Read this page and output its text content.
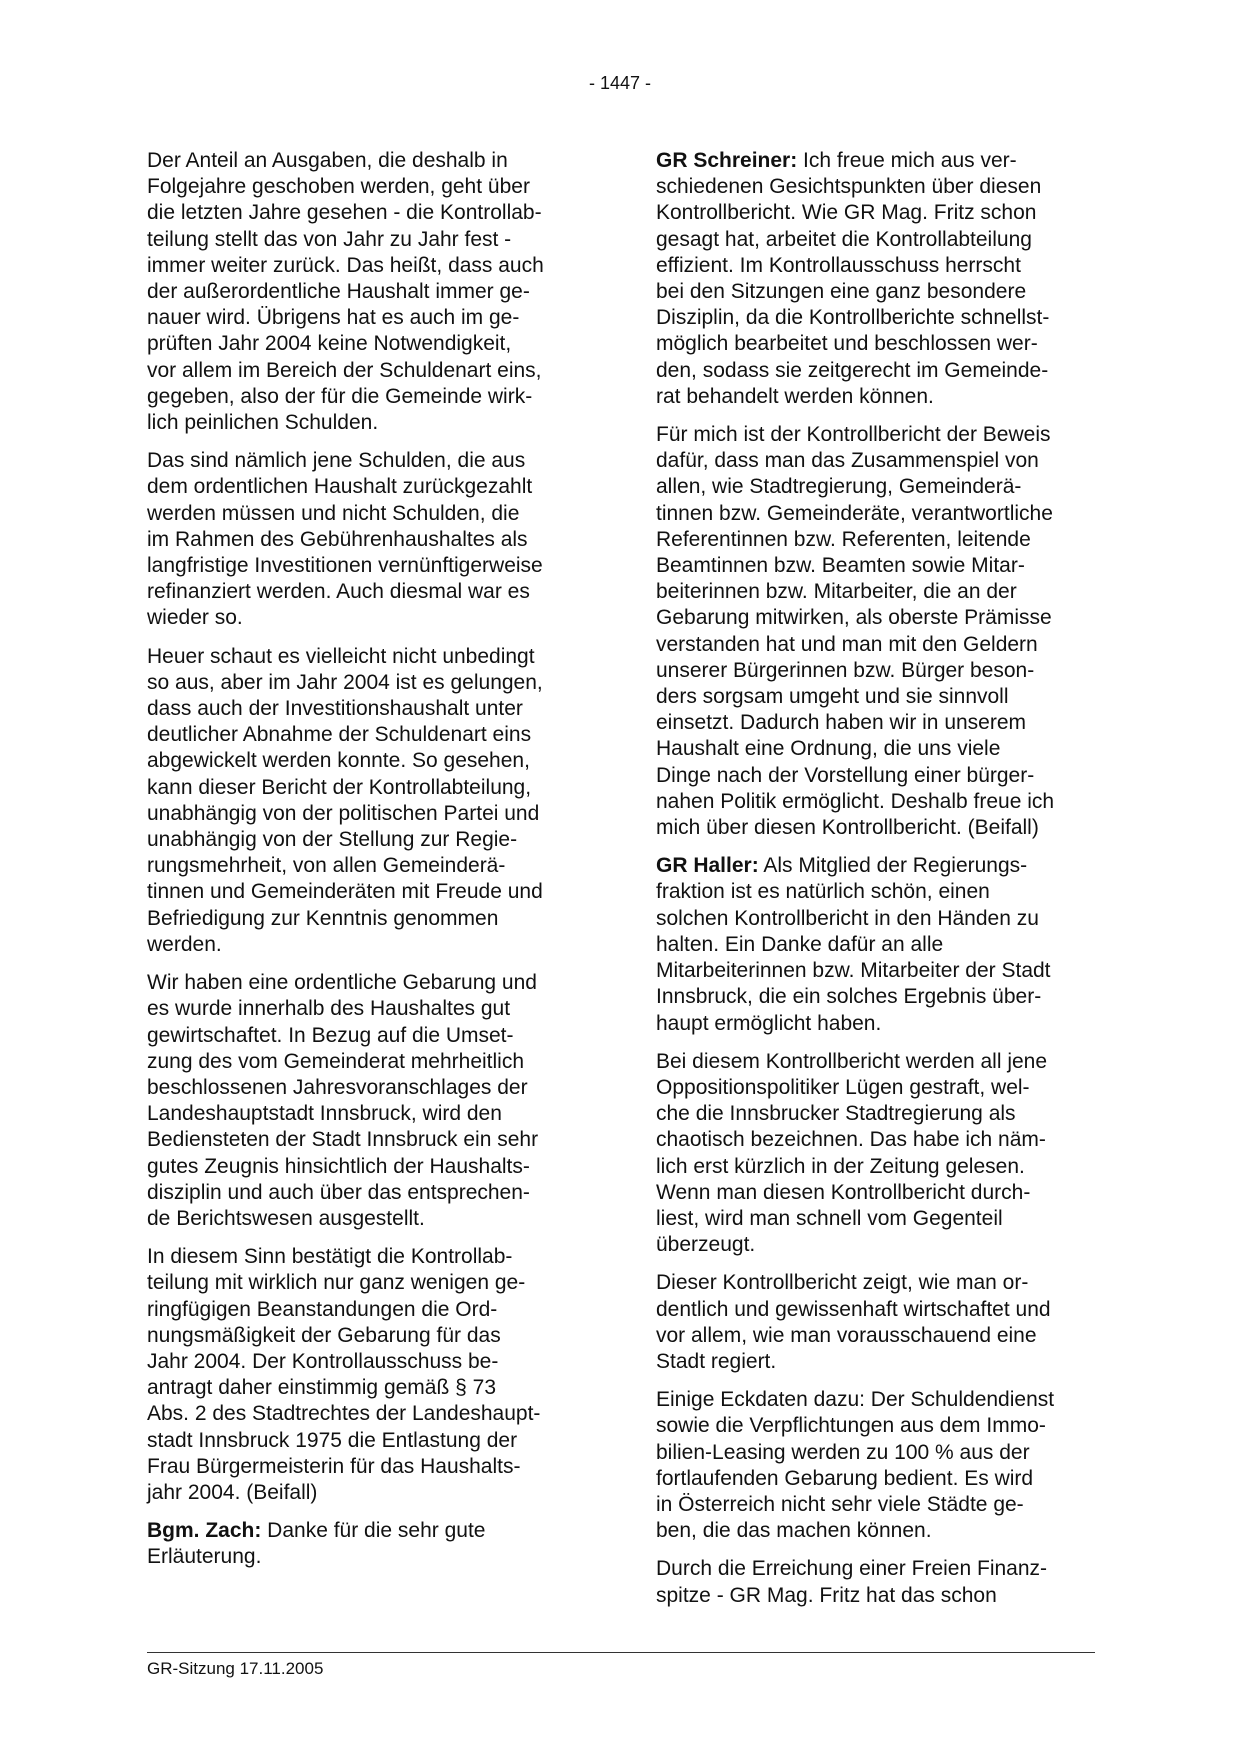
- 1447 -
Der Anteil an Ausgaben, die deshalb in
Folgejahre geschoben werden, geht über
die letzten Jahre gesehen - die Kontrollab-
teilung stellt das von Jahr zu Jahr fest -
immer weiter zurück. Das heißt, dass auch
der außerordentliche Haushalt immer ge-
nauer wird. Übrigens hat es auch im ge-
prüften Jahr 2004 keine Notwendigkeit,
vor allem im Bereich der Schuldenart eins,
gegeben, also der für die Gemeinde wirk-
lich peinlichen Schulden.
Das sind nämlich jene Schulden, die aus
dem ordentlichen Haushalt zurückgezahlt
werden müssen und nicht Schulden, die
im Rahmen des Gebührenhaushaltes als
langfristige Investitionen vernünftigerweise
refinanziert werden. Auch diesmal war es
wieder so.
Heuer schaut es vielleicht nicht unbedingt
so aus, aber im Jahr 2004 ist es gelungen,
dass auch der Investitionshaushalt unter
deutlicher Abnahme der Schuldenart eins
abgewickelt werden konnte. So gesehen,
kann dieser Bericht der Kontrollabteilung,
unabhängig von der politischen Partei und
unabhängig von der Stellung zur Regie-
rungsmehrheit, von allen Gemeinderä-
tinnen und Gemeinderäten mit Freude und
Befriedigung zur Kenntnis genommen
werden.
Wir haben eine ordentliche Gebarung und
es wurde innerhalb des Haushaltes gut
gewirtschaftet. In Bezug auf die Umset-
zung des vom Gemeinderat mehrheitlich
beschlossenen Jahresvoranschlages der
Landeshauptstadt Innsbruck, wird den
Bediensteten der Stadt Innsbruck ein sehr
gutes Zeugnis hinsichtlich der Haushalts-
disziplin und auch über das entsprechen-
de Berichtswesen ausgestellt.
In diesem Sinn bestätigt die Kontrollab-
teilung mit wirklich nur ganz wenigen ge-
ringfügigen Beanstandungen die Ord-
nungsmäßigkeit der Gebarung für das
Jahr 2004. Der Kontrollausschuss be-
antragt daher einstimmig gemäß § 73
Abs. 2 des Stadtrechtes der Landeshaupt-
stadt Innsbruck 1975 die Entlastung der
Frau Bürgermeisterin für das Haushalts-
jahr 2004. (Beifall)
Bgm. Zach: Danke für die sehr gute
Erläuterung.
GR Schreiner: Ich freue mich aus ver-
schiedenen Gesichtspunkten über diesen
Kontrollbericht. Wie GR Mag. Fritz schon
gesagt hat, arbeitet die Kontrollabteilung
effizient. Im Kontrollausschuss herrscht
bei den Sitzungen eine ganz besondere
Disziplin, da die Kontrollberichte schnellst-
möglich bearbeitet und beschlossen wer-
den, sodass sie zeitgerecht im Gemeinde-
rat behandelt werden können.
Für mich ist der Kontrollbericht der Beweis
dafür, dass man das Zusammenspiel von
allen, wie Stadtregierung, Gemeinderä-
tinnen bzw. Gemeinderäte, verantwortliche
Referentinnen bzw. Referenten, leitende
Beamtinnen bzw. Beamten sowie Mitar-
beiterinnen bzw. Mitarbeiter, die an der
Gebarung mitwirken, als oberste Prämisse
verstanden hat und man mit den Geldern
unserer Bürgerinnen bzw. Bürger beson-
ders sorgsam umgeht und sie sinnvoll
einsetzt. Dadurch haben wir in unserem
Haushalt eine Ordnung, die uns viele
Dinge nach der Vorstellung einer bürger-
nahen Politik ermöglicht. Deshalb freue ich
mich über diesen Kontrollbericht. (Beifall)
GR Haller: Als Mitglied der Regierungs-
fraktion ist es natürlich schön, einen
solchen Kontrollbericht in den Händen zu
halten. Ein Danke dafür an alle
Mitarbeiterinnen bzw. Mitarbeiter der Stadt
Innsbruck, die ein solches Ergebnis über-
haupt ermöglicht haben.
Bei diesem Kontrollbericht werden all jene
Oppositionspolitiker Lügen gestraft, wel-
che die Innsbrucker Stadtregierung als
chaotisch bezeichnen. Das habe ich näm-
lich erst kürzlich in der Zeitung gelesen.
Wenn man diesen Kontrollbericht durch-
liest, wird man schnell vom Gegenteil
überzeugt.
Dieser Kontrollbericht zeigt, wie man or-
dentlich und gewissenhaft wirtschaftet und
vor allem, wie man vorausschauend eine
Stadt regiert.
Einige Eckdaten dazu: Der Schuldendienst
sowie die Verpflichtungen aus dem Immo-
bilien-Leasing werden zu 100 % aus der
fortlaufenden Gebarung bedient. Es wird
in Österreich nicht sehr viele Städte ge-
ben, die das machen können.
Durch die Erreichung einer Freien Finanz-
spitze - GR Mag. Fritz hat das schon
GR-Sitzung 17.11.2005
